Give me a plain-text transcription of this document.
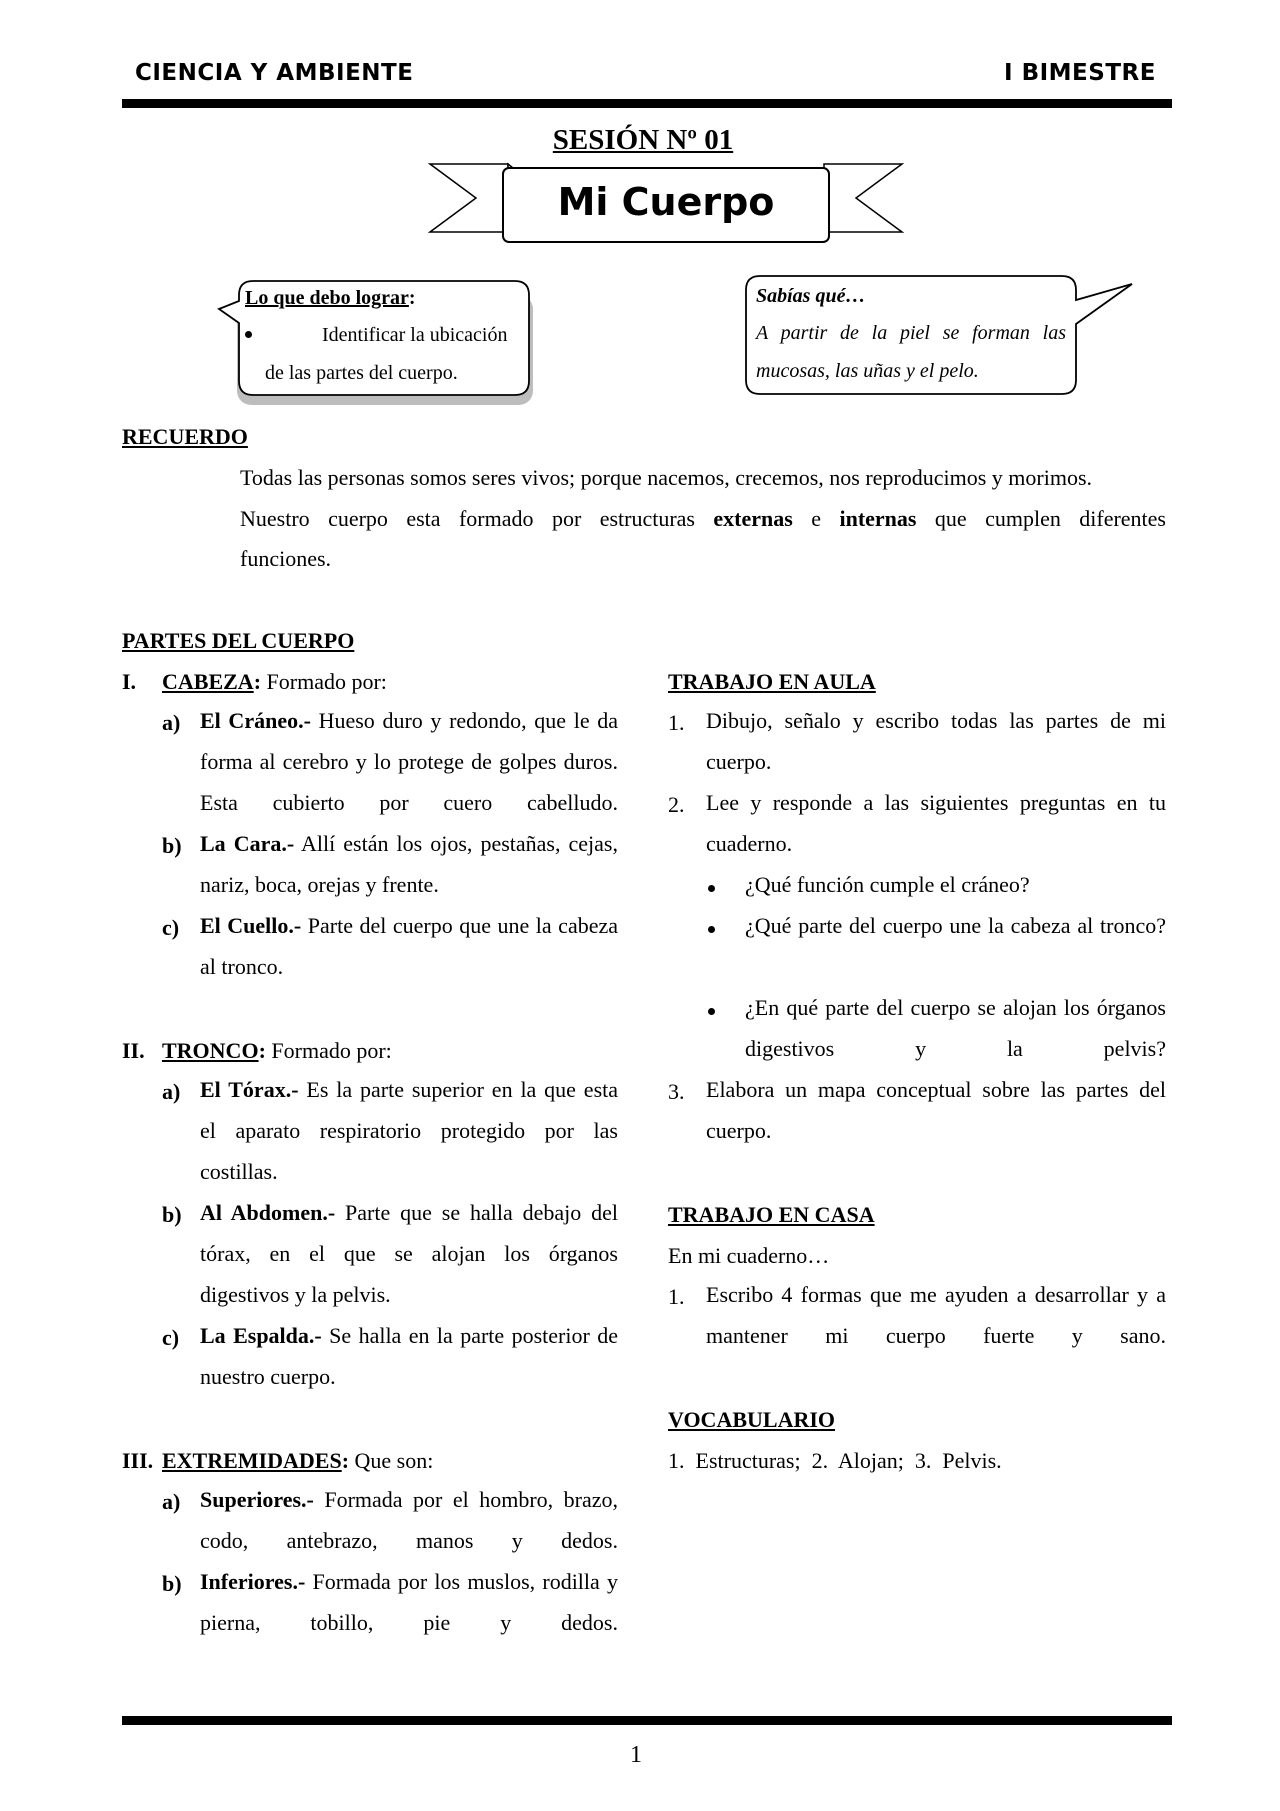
CIENCIA Y AMBIENTE	I BIMESTRE
SESIÓN Nº 01
Mi Cuerpo
Lo que debo lograr:
Identificar la ubicación
de las partes del cuerpo.
Sabías qué…
A partir de la piel se forman las
mucosas, las uñas y el pelo.
RECUERDO
Todas las personas somos seres vivos; porque nacemos, crecemos, nos reproducimos y morimos.
Nuestro cuerpo esta formado por estructuras externas e internas que cumplen diferentes
funciones.
PARTES DEL CUERPO
I. CABEZA: Formado por:
a) El Cráneo.- Hueso duro y redondo, que le da forma al cerebro y lo protege de golpes duros. Esta cubierto por cuero cabelludo.
b) La Cara.- Allí están los ojos, pestañas, cejas, nariz, boca, orejas y frente.
c) El Cuello.- Parte del cuerpo que une la cabeza al tronco.
II. TRONCO: Formado por:
a) El Tórax.- Es la parte superior en la que esta el aparato respiratorio protegido por las costillas.
b) Al Abdomen.- Parte que se halla debajo del tórax, en el que se alojan los órganos digestivos y la pelvis.
c) La Espalda.- Se halla en la parte posterior de nuestro cuerpo.
III. EXTREMIDADES: Que son:
a) Superiores.- Formada por el hombro, brazo, codo, antebrazo, manos y dedos.
b) Inferiores.- Formada por los muslos, rodilla y pierna, tobillo, pie y dedos.
TRABAJO EN AULA
1. Dibujo, señalo y escribo todas las partes de mi cuerpo.
2. Lee y responde a las siguientes preguntas en tu cuaderno.
¿Qué función cumple el cráneo?
¿Qué parte del cuerpo une la cabeza al tronco?
¿En qué parte del cuerpo se alojan los órganos digestivos y la pelvis?
3. Elabora un mapa conceptual sobre las partes del cuerpo.
TRABAJO EN CASA
En mi cuaderno…
1. Escribo 4 formas que me ayuden a desarrollar y a mantener mi cuerpo fuerte y sano.
VOCABULARIO
1.  Estructuras;  2.  Alojan;  3.  Pelvis.
1
